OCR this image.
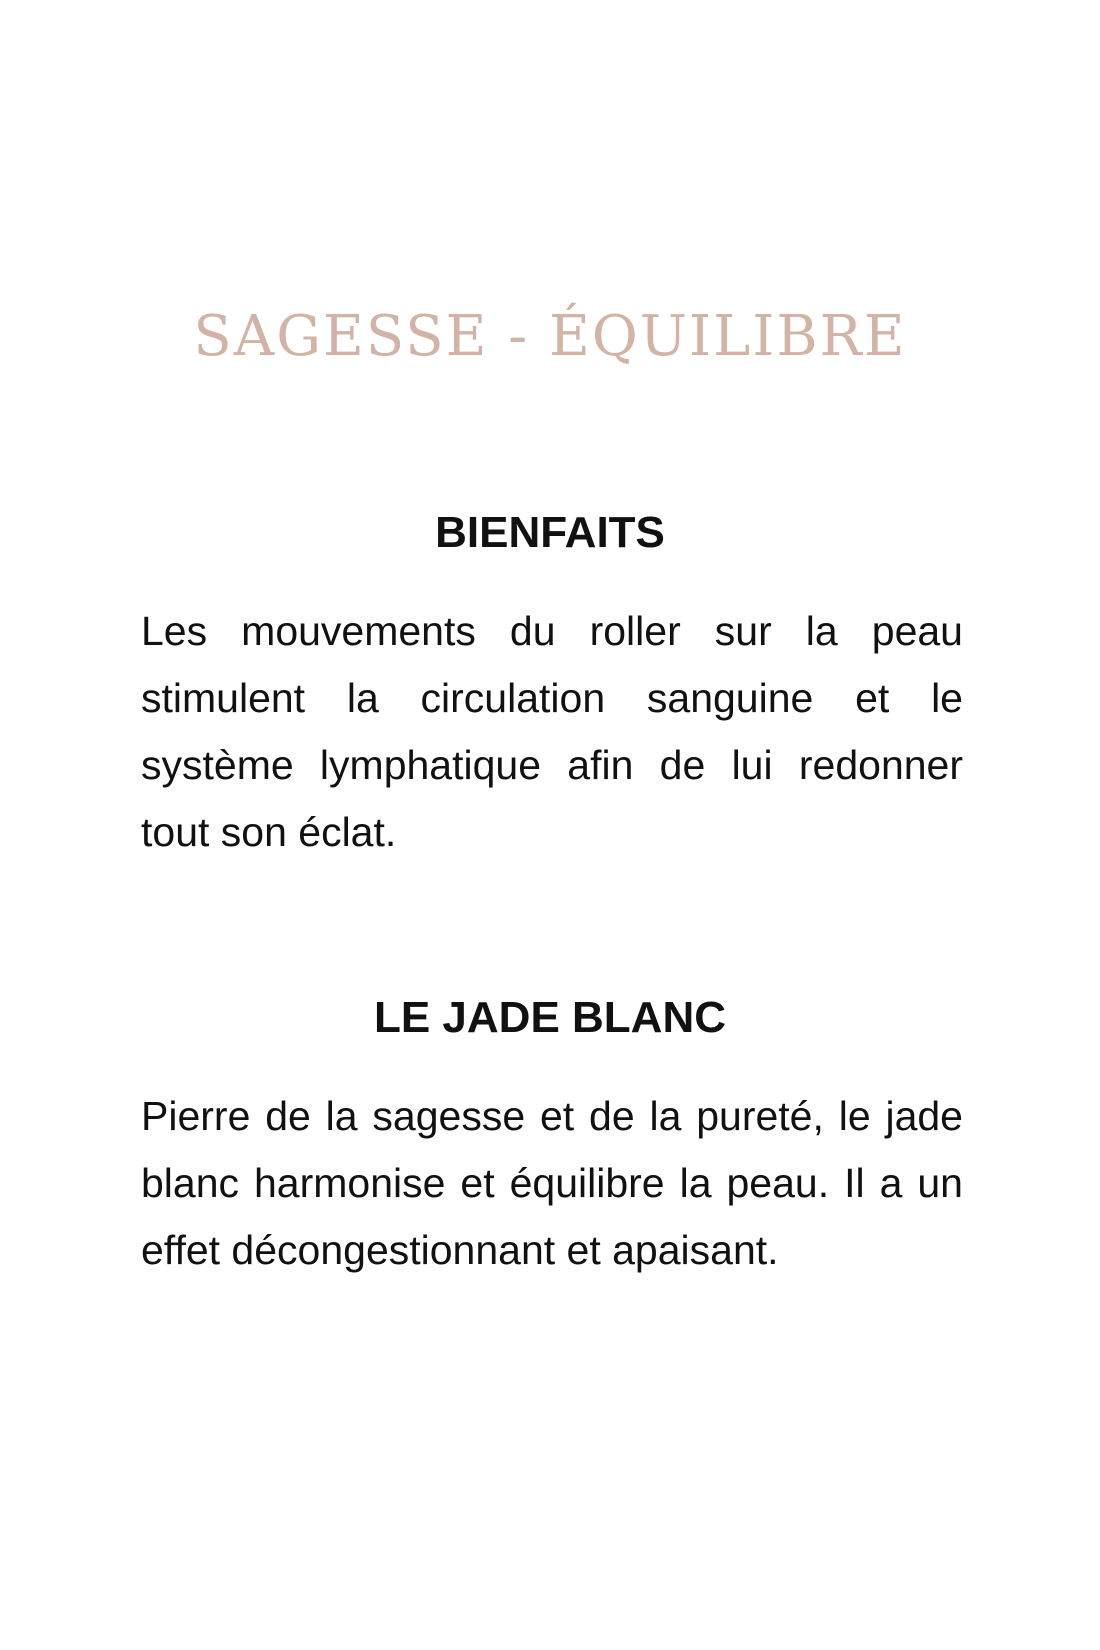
SAGESSE - ÉQUILIBRE
BIENFAITS

Les mouvements du roller sur la peau stimulent la circulation sanguine et le système lymphatique afin de lui redonner tout son éclat.

LE JADE BLANC

Pierre de la sagesse et de la pureté, le jade blanc harmonise et équilibre la peau. Il a un effet décongestionnant et apaisant.
